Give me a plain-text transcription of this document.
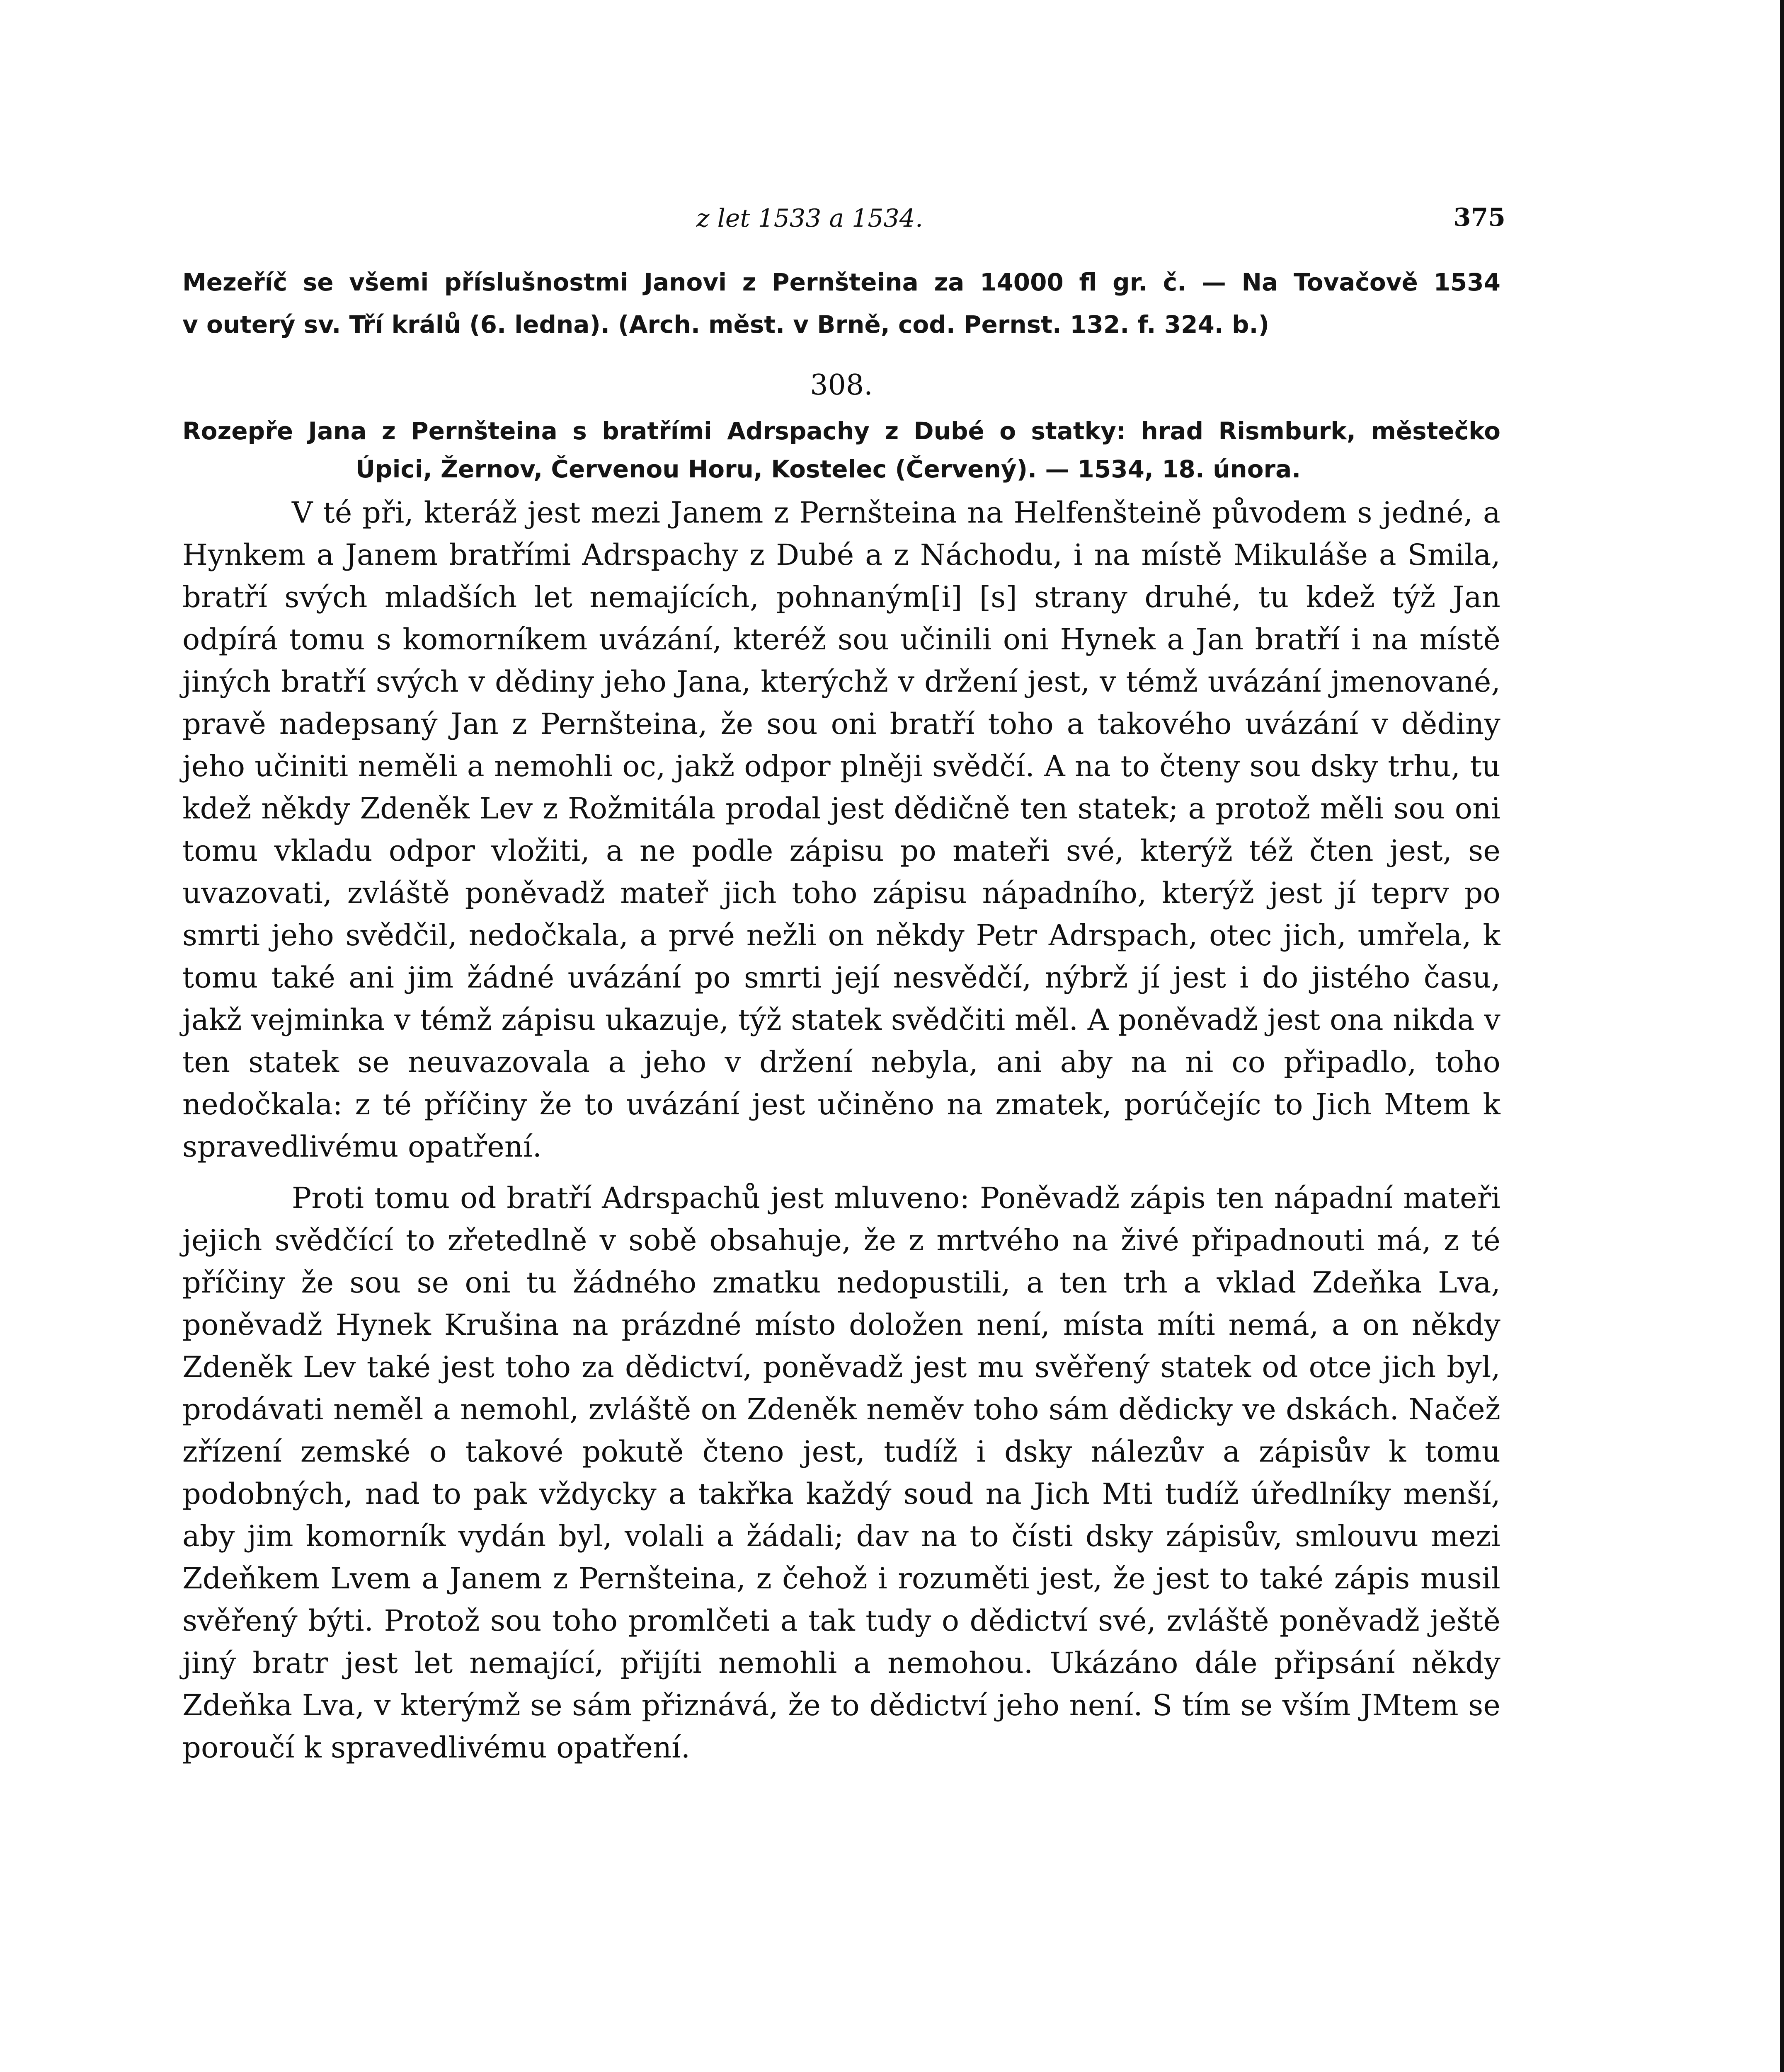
z let 1533 a 1534.	375
Mezeříč se všemi příslušnostmi Janovi z Pernšteina za 14000 ﬂ gr. č. — Na Tovačově 1534
v outerý sv. Tří králů (6. ledna). (Arch. měst. v Brně, cod. Pernst. 132. f. 324. b.)
308.
Rozepře Jana z Pernšteina s bratřími Adrspachy z Dubé o statky: hrad Rismburk, městečko
Úpici, Žernov, Červenou Horu, Kostelec (Červený). — 1534, 18. února.

V té při, kteráž jest mezi Janem z Pernšteina na Helfenšteině původem s jedné, a Hynkem a Janem bratřími Adrspachy z Dubé a z Náchodu, i na místě Mikuláše a Smila, bratří svých mladších let nemajících, pohnaným[i] [s] strany druhé, tu kdež týž Jan odpírá tomu s komorníkem uvázání, kteréž sou učinili oni Hynek a Jan bratří i na místě jiných bratří svých v dědiny jeho Jana, kterýchž v držení jest, v témž uvázání jmenované, pravě nadepsaný Jan z Pernšteina, že sou oni bratří toho a takového uvázání v dědiny jeho učiniti neměli a nemohli oc, jakž odpor plněji svědčí. A na to čteny sou dsky trhu, tu kdež někdy Zdeněk Lev z Rožmitála prodal jest dědičně ten statek; a protož měli sou oni tomu vkladu odpor vložiti, a ne podle zápisu po mateři své, kterýž též čten jest, se uvazovati, zvláště poněvadž mateř jich toho zápisu nápadního, kterýž jest jí teprv po smrti jeho svědčil, nedočkala, a prvé nežli on někdy Petr Adrspach, otec jich, umřela, k tomu také ani jim žádné uvázání po smrti její nesvědčí, nýbrž jí jest i do jistého času, jakž vejminka v témž zápisu ukazuje, týž statek svědčiti měl. A poněvadž jest ona nikda v ten statek se neuvazovala a jeho v držení nebyla, ani aby na ni co připadlo, toho nedočkala: z té příčiny že to uvázání jest učiněno na zmatek, porúčejíc to Jich Mtem k spravedlivému opatření.

Proti tomu od bratří Adrspachů jest mluveno: Poněvadž zápis ten nápadní mateři jejich svědčící to zřetedlně v sobě obsahuje, že z mrtvého na živé připadnouti má, z té příčiny že sou se oni tu žádného zmatku nedopustili, a ten trh a vklad Zdeňka Lva, poněvadž Hynek Krušina na prázdné místo doložen není, místa míti nemá, a on někdy Zdeněk Lev také jest toho za dědictví, poněvadž jest mu svěřený statek od otce jich byl, prodávati neměl a nemohl, zvláště on Zdeněk neměv toho sám dědicky ve dskách. Načež zřízení zemské o takové pokutě čteno jest, tudíž i dsky nálezův a zápisův k tomu podobných, nad to pak vždycky a takřka každý soud na Jich Mti tudíž úředlníky menší, aby jim komorník vydán byl, volali a žádali; dav na to čísti dsky zápisův, smlouvu mezi Zdeňkem Lvem a Janem z Pernšteina, z čehož i rozuměti jest, že jest to také zápis musil svěřený býti. Protož sou toho promlčeti a tak tudy o dědictví své, zvláště poněvadž ještě jiný bratr jest let nemající, přijíti nemohli a nemohou. Ukázáno dále připsání někdy Zdeňka Lva, v kterýmž se sám přiznává, že to dědictví jeho není. S tím se vším JMtem se poroučí k spravedlivému opatření.
